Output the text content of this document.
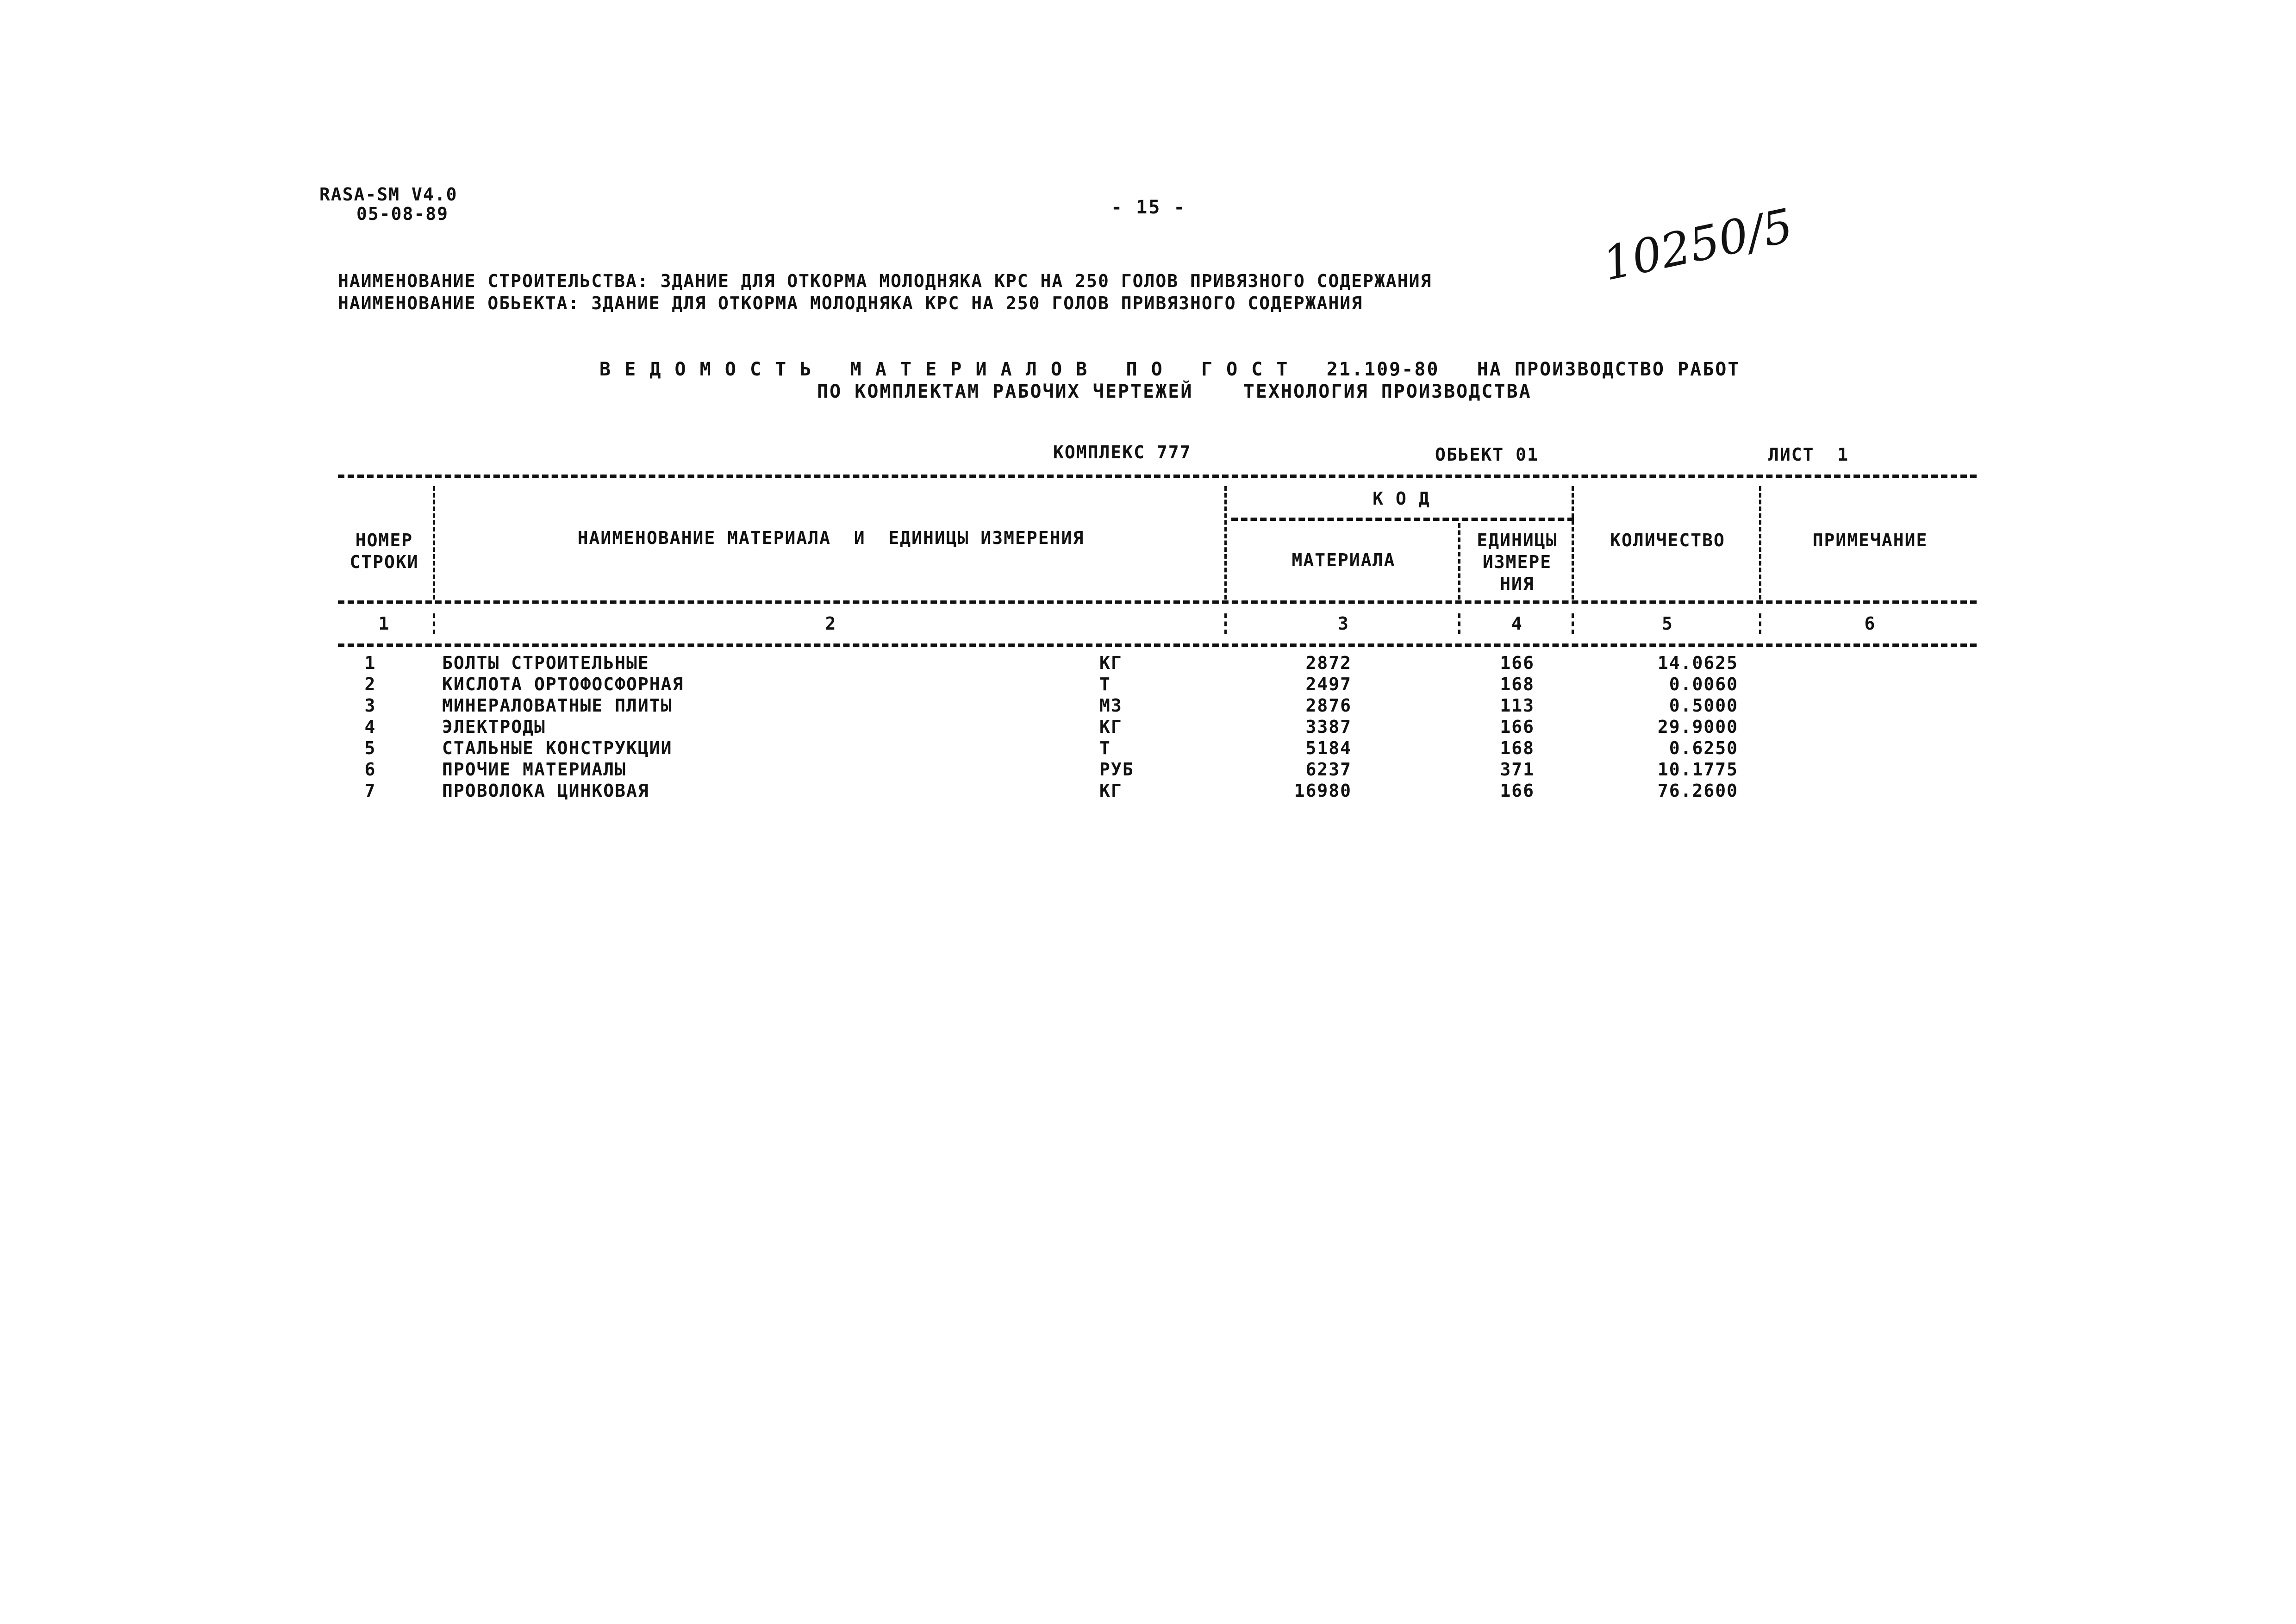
RASA-SM V4.0
05-08-89	- 15 -	10250/5
НАИМЕНОВАНИЕ СТРОИТЕЛЬСТВА: ЗДАНИЕ ДЛЯ ОТКОРМА МОЛОДНЯКА КРС НА 250 ГОЛОВ ПРИВЯЗНОГО СОДЕРЖАНИЯ
НАИМЕНОВАНИЕ ОБЬЕКТА: ЗДАНИЕ ДЛЯ ОТКОРМА МОЛОДНЯКА КРС НА 250 ГОЛОВ ПРИВЯЗНОГО СОДЕРЖАНИЯ
В Е Д О М О С Т Ь   М А Т Е Р И А Л О В   П О   Г О С Т   21.109-80   НА ПРОИЗВОДСТВО РАБОТ
ПО КОМПЛЕКТАМ РАБОЧИХ ЧЕРТЕЖЕЙ    ТЕХНОЛОГИЯ ПРОИЗВОДСТВА
КОМПЛЕКС 777	ОБЬЕКТ 01	ЛИСТ  1
НОМЕР
СТРОКИ
НАИМЕНОВАНИЕ МАТЕРИАЛА  И  ЕДИНИЦЫ ИЗМЕРЕНИЯ
К О Д
МАТЕРИАЛА
ЕДИНИЦЫ
ИЗМЕРЕ
НИЯ
КОЛИЧЕСТВО	ПРИМЕЧАНИЕ
1	2	3	4	5	6
1	БОЛТЫ СТРОИТЕЛЬНЫЕ	КГ	2872	166	14.0625
2	КИСЛОТА ОРТОФОСФОРНАЯ	Т	2497	168	0.0060
3	МИНЕРАЛОВАТНЫЕ ПЛИТЫ	М3	2876	113	0.5000
4	ЭЛЕКТРОДЫ	КГ	3387	166	29.9000
5	СТАЛЬНЫЕ КОНСТРУКЦИИ	Т	5184	168	0.6250
6	ПРОЧИЕ МАТЕРИАЛЫ	РУБ	6237	371	10.1775
7	ПРОВОЛОКА ЦИНКОВАЯ	КГ	16980	166	76.2600
